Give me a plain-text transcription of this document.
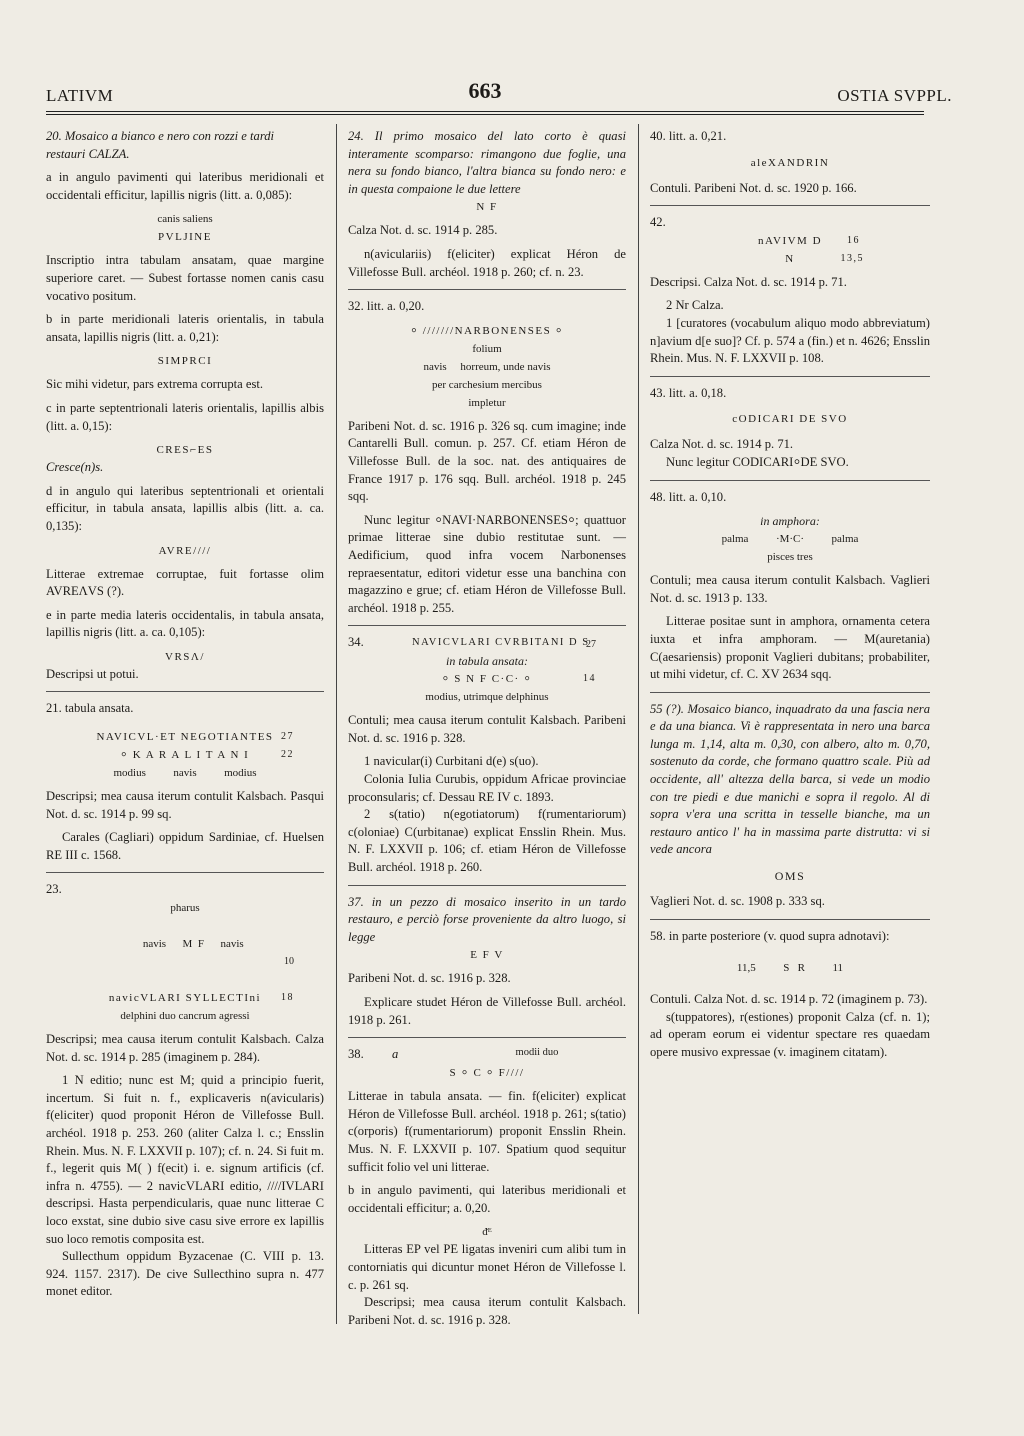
LATIVM	663	OSTIA SVPPL.

20. Mosaico a bianco e nero con rozzi e tardi

restauri CALZA.

a in angulo pavimenti qui lateribus meridionali et occidentali efficitur, lapillis nigris (litt. a. 0,085):

canis saliens
PVLJINE

Inscriptio intra tabulam ansatam, quae margine superiore caret. — Subest fortasse nomen canis casu vocativo positum.

b in parte meridionali lateris orientalis, in tabula ansata, lapillis nigris (litt. a. 0,21):

SIMPRCI

Sic mihi videtur, pars extrema corrupta est.

c in parte septentrionali lateris orientalis, lapillis albis (litt. a. 0,15):

CRES⌐ES

Cresce(n)s.

d in angulo qui lateribus septentrionali et orientali efficitur, in tabula ansata, lapillis albis (litt. a. ca. 0,135):

AVRE////

Litterae extremae corruptae, fuit fortasse olim AVREΛVS (?).

e in parte media lateris occidentalis, in tabula ansata, lapillis nigris (litt. a. ca. 0,105):

VRSΛ/

Descripsi ut potui.

21. tabula ansata.

NAVICVL·ET NEGOTIANTES 27
⸰ K A R A L I T A N I	22
modius          navis          modius

Descripsi; mea causa iterum contulit Kalsbach. Pasqui Not. d. sc. 1914 p. 99 sq.

Carales (Cagliari) oppidum Sardiniae, cf. Huelsen RE III c. 1568.

23.

pharus

navis      M  F      navis

10

navicVLARI SYLLECTIni 18
delphini duo cancrum agressi

Descripsi; mea causa iterum contulit Kalsbach. Calza Not. d. sc. 1914 p. 285 (imaginem p. 284).

1 N editio; nunc est M; quid a principio fuerit, incertum. Si fuit n. f., explicaveris n(avicularis) f(eliciter) quod proponit Héron de Villefosse Bull. archéol. 1918 p. 253. 260 (aliter Calza l. c.; Ensslin Rhein. Mus. N. F. LXXVII p. 107); cf. n. 24. Si fuit m. f., legerit quis M( ) f(ecit) i. e. signum artificis (cf. infra n. 4755). — 2 naviсVLARI editio, ////IVLARI descripsi. Hasta perpendicularis, quae nunc litterae C loco exstat, sine dubio sive casu sive errore ex lapillis suo loco remotis composita est.

Sullecthum oppidum Byzacenae (C. VIII p. 13. 924. 1157. 2317). De cive Sullecthino supra n. 477 monet editor.

24. Il primo mosaico del lato corto è quasi interamente scomparso: rimangono due foglie, una nera su fondo bianco, l'altra bianca su fondo nero: e in questa compaione le due lettere

N F

Calza Not. d. sc. 1914 p. 285.

n(aviculariis) f(eliciter) explicat Héron de Villefosse Bull. archéol. 1918 p. 260; cf. n. 23.

32. litt. a. 0,20.

⸰ ///////NARBONENSES ⸰
folium
navis     horreum, unde navis
per carchesium mercibus
impletur

Paribeni Not. d. sc. 1916 p. 326 sq. cum imagine; inde Cantarelli Bull. comun. p. 257. Cf. etiam Héron de Villefosse Bull. de la soc. nat. des antiquaires de France 1917 p. 176 sqq. Bull. archéol. 1918 p. 245 sqq.

Nunc legitur ⸰NAVI·NARBONENSES⸰; quattuor primae litterae sine dubio restitutae sunt. — Aedificium, quod infra vocem Narbonenses repraesentatur, editori videtur esse una banchina con magazzino e grue; cf. etiam Héron de Villefosse Bull. archéol. 1918 p. 255.

34.	NAVICVLARI CVRBITANI D S
27
in tabula ansata:
⸰ S N F C·C· ⸰	14
modius, utrimque delphinus

Contuli; mea causa iterum contulit Kalsbach. Paribeni Not. d. sc. 1916 p. 328.

1 navicular(i) Curbitani d(e) s(uo).

Colonia Iulia Curubis, oppidum Africae provinciae proconsularis; cf. Dessau RE IV c. 1893.

2 s(tatio) n(egotiatorum) f(rumentariorum) c(oloniae) C(urbitanae) explicat Ensslin Rhein. Mus. N. F. LXXVII p. 106; cf. etiam Héron de Villefosse Bull. archéol. 1918 p. 260.

37. in un pezzo di mosaico inserito in un tardo restauro, e perciò forse proveniente da altro luogo, si legge

E F V

Paribeni Not. d. sc. 1916 p. 328.

Explicare studet Héron de Villefosse Bull. archéol. 1918 p. 261.

38. a	modii duo
S ⸰ C ⸰ F////

Litterae in tabula ansata. — fin. f(eliciter) explicat Héron de Villefosse Bull. archéol. 1918 p. 261; s(tatio) c(orporis) f(rumentariorum) proponit Ensslin Rhein. Mus. N. F. LXXVII p. 107. Spatium quod sequitur sufficit folio vel uni litterae.

b in angulo pavimenti, qui lateribus meridionali et occidentali efficitur; a. 0,20.

ᵭᴱ

Litteras EP vel PE ligatas inveniri cum alibi tum in contorniatis qui dicuntur monet Héron de Villefosse l. c. p. 261 sq.

Descripsi; mea causa iterum contulit Kalsbach. Paribeni Not. d. sc. 1916 p. 328.

40. litt. a. 0,21.

aleXANDRIN

Contuli. Paribeni Not. d. sc. 1920 p. 166.

42.

nAVIVM D 16
N	13,5

Descripsi. Calza Not. d. sc. 1914 p. 71.

2 Nr Calza.

1 [curatores (vocabulum aliquo modo abbreviatum) n]avium d[e suo]? Cf. p. 574 a (fin.) et n. 4626; Ensslin Rhein. Mus. N. F. LXXVII p. 108.

43. litt. a. 0,18.

cODICARI DE SVO

Calza Not. d. sc. 1914 p. 71.

Nunc legitur CODICARI⸰DE SVO.

48. litt. a. 0,10.

in amphora:
palma          ·M·C·          palma
pisces tres

Contuli; mea causa iterum contulit Kalsbach. Vaglieri Not. d. sc. 1913 p. 133.

Litterae positae sunt in amphora, ornamenta cetera iuxta et infra amphoram. — M(auretania) C(aesariensis) proponit Vaglieri dubitans; probabiliter, ut mihi videtur, cf. C. XV 2634 sqq.

55 (?). Mosaico bianco, inquadrato da una fascia nera e da una bianca. Vi è rappresentata in nero una barca lunga m. 1,14, alta m. 0,30, con albero, alto m. 0,70, sostenuto da corde, che formano quattro scale. Più ad occidente, all' altezza della barca, si vede un modio con tre piedi e due manichi e sopra il regolo. Al di sopra v'era una scritta in tesselle bianche, ma un restauro antico l' ha in massima parte distrutta: vi si vede ancora

OMS

Vaglieri Not. d. sc. 1908 p. 333 sq.

58. in parte posteriore (v. quod supra adnotavi):

11,5          S   R          11

Contuli. Calza Not. d. sc. 1914 p. 72 (imaginem p. 73).

s(tuppatores), r(estiones) proponit Calza (cf. n. 1); ad operam eorum ei videntur spectare res quaedam opere musivo expressae (v. imaginem citatam).
